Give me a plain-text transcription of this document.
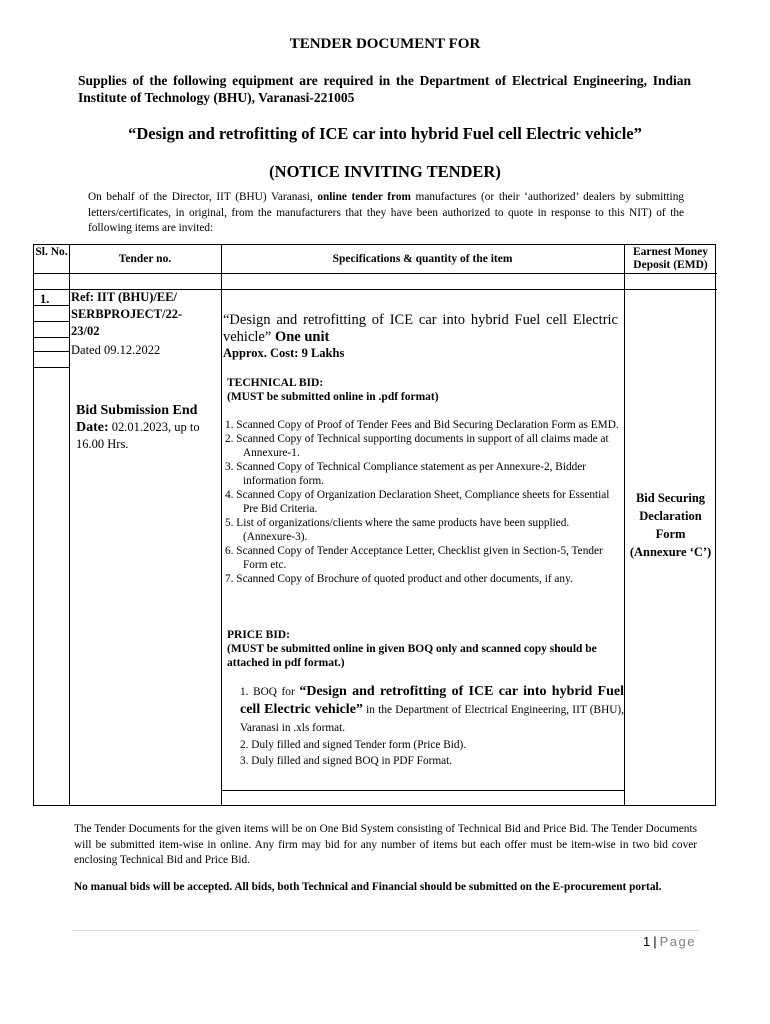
TENDER DOCUMENT FOR
Supplies of the following equipment are required in the Department of Electrical Engineering, Indian Institute of Technology (BHU), Varanasi-221005
“Design and retrofitting of ICE car into hybrid Fuel cell Electric vehicle”
(NOTICE INVITING TENDER)
On behalf of the Director, IIT (BHU) Varanasi, online tender from manufactures (or their ‘authorized’ dealers by submitting letters/certificates, in original, from the manufacturers that they have been authorized to quote in response to this NIT) of the following items are invited:
Sl. No.
Tender no.	Specifications & quantity of the item
Earnest Money Deposit (EMD)
1. Ref: IIT (BHU)/EE/ SERBPROJECT/22-23/02
Dated 09.12.2022
Bid Submission End Date: 02.01.2023, up to 16.00 Hrs.
“Design and retrofitting of ICE car into hybrid Fuel cell Electric vehicle” One unit
Approx. Cost: 9 Lakhs
TECHNICAL BID:
(MUST be submitted online in .pdf format)
1. Scanned Copy of Proof of Tender Fees and Bid Securing Declaration Form as EMD.
2. Scanned Copy of Technical supporting documents in support of all claims made at Annexure-1.
3. Scanned Copy of Technical Compliance statement as per Annexure-2, Bidder information form.
4. Scanned Copy of Organization Declaration Sheet, Compliance sheets for Essential Pre Bid Criteria.
5. List of organizations/clients where the same products have been supplied. (Annexure-3).
6. Scanned Copy of Tender Acceptance Letter, Checklist given in Section-5, Tender Form etc.
7. Scanned Copy of Brochure of quoted product and other documents, if any.
PRICE BID:
(MUST be submitted online in given BOQ only and scanned copy should be attached in pdf format.)
1. BOQ for “Design and retrofitting of ICE car into hybrid Fuel cell Electric vehicle” in the Department of Electrical Engineering, IIT (BHU), Varanasi in .xls format.
2. Duly filled and signed Tender form (Price Bid).
3. Duly filled and signed BOQ in PDF Format.
Bid Securing Declaration Form (Annexure ‘C’)
The Tender Documents for the given items will be on One Bid System consisting of Technical Bid and Price Bid. The Tender Documents will be submitted item-wise in online. Any firm may bid for any number of items but each offer must be item-wise in two bid cover enclosing Technical Bid and Price Bid.
No manual bids will be accepted. All bids, both Technical and Financial should be submitted on the E-procurement portal.
1 | Page
